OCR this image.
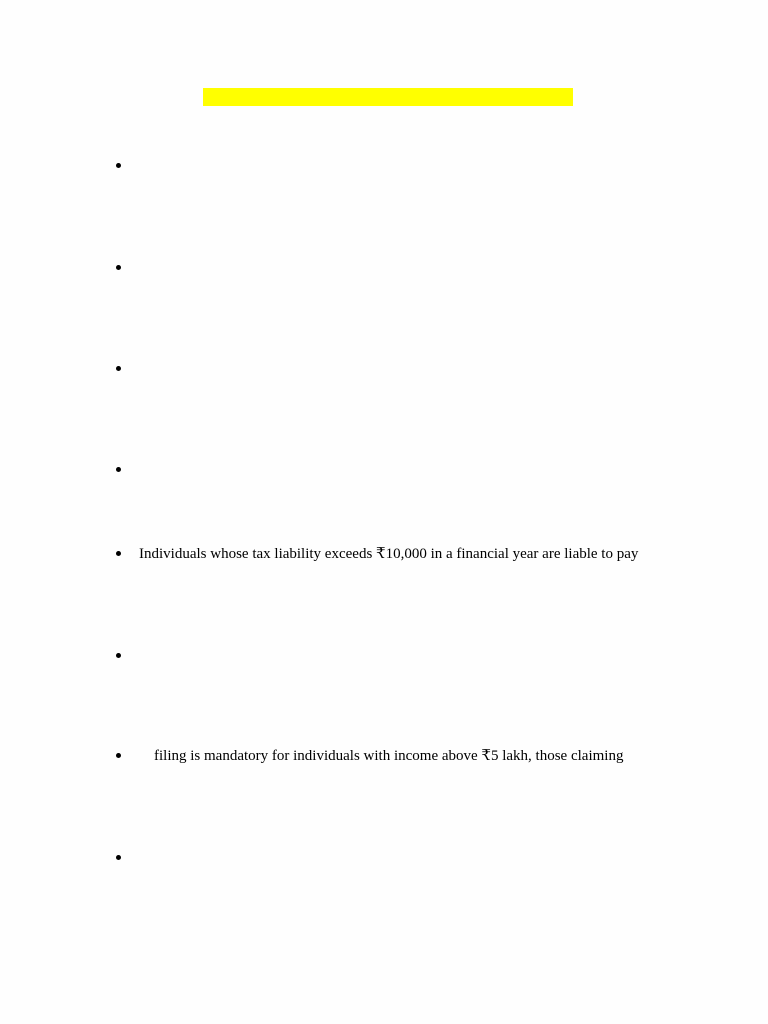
Individuals whose tax liability exceeds ₹10,000 in a financial year are liable to pay
filing is mandatory for individuals with income above ₹5 lakh, those claiming
